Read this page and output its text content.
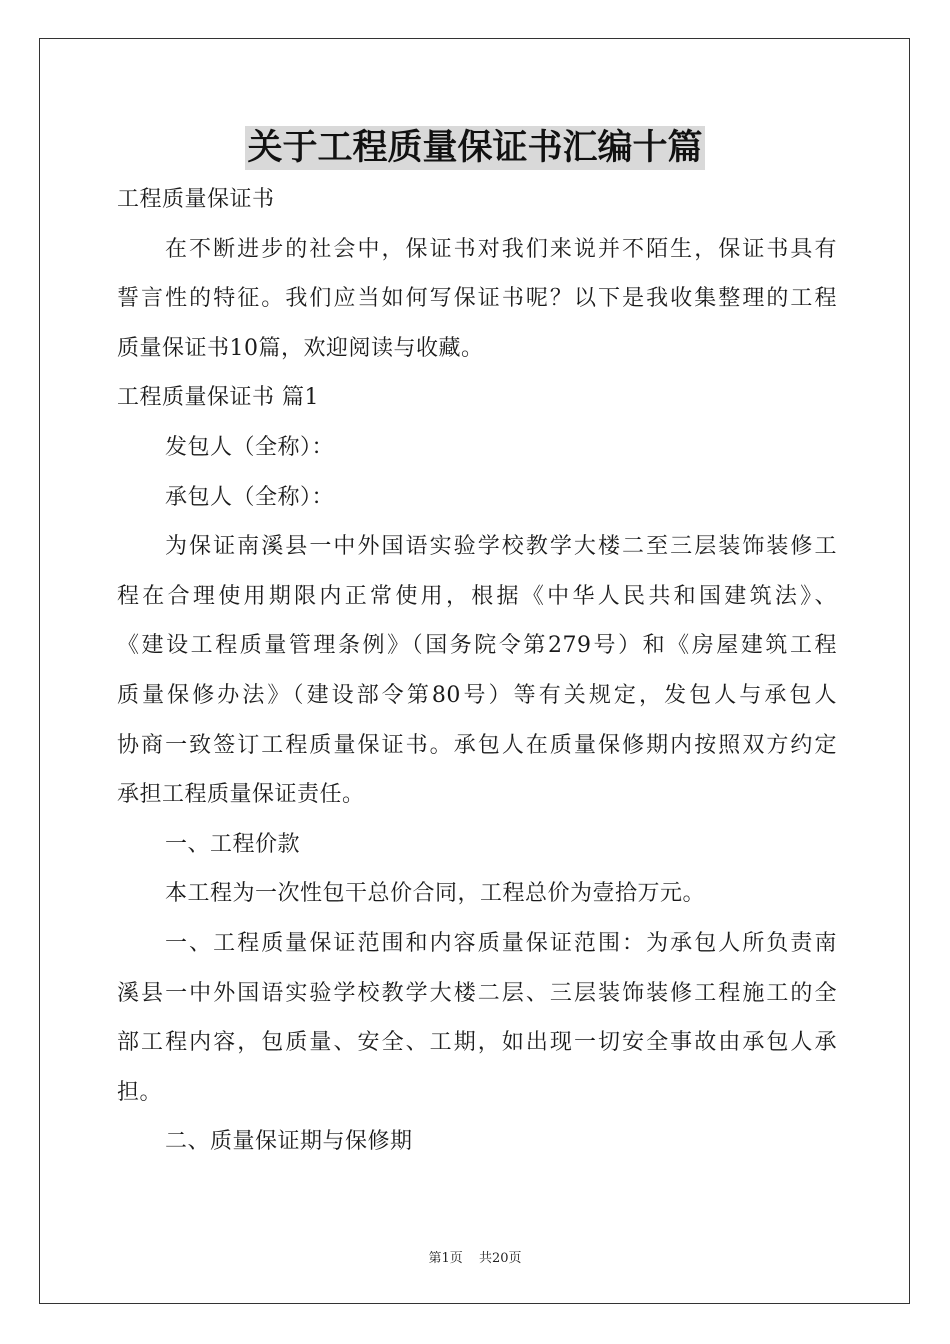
关于工程质量保证书汇编十篇
工程质量保证书
在不断进步的社会中，保证书对我们来说并不陌生，保证书具有
誓言性的特征。我们应当如何写保证书呢？以下是我收集整理的工程
质量保证书10篇，欢迎阅读与收藏。
工程质量保证书 篇1
发包人（全称）：
承包人（全称）：
为保证南溪县一中外国语实验学校教学大楼二至三层装饰装修工
程在合理使用期限内正常使用，根据《中华人民共和国建筑法》、
《建设工程质量管理条例》（国务院令第279号）和《房屋建筑工程
质量保修办法》（建设部令第80号）等有关规定，发包人与承包人
协商一致签订工程质量保证书。承包人在质量保修期内按照双方约定
承担工程质量保证责任。
一、工程价款
本工程为一次性包干总价合同，工程总价为壹拾万元。
一、工程质量保证范围和内容质量保证范围：为承包人所负责南
溪县一中外国语实验学校教学大楼二层、三层装饰装修工程施工的全
部工程内容，包质量、安全、工期，如出现一切安全事故由承包人承
担。
二、质量保证期与保修期
第1页 共20页
